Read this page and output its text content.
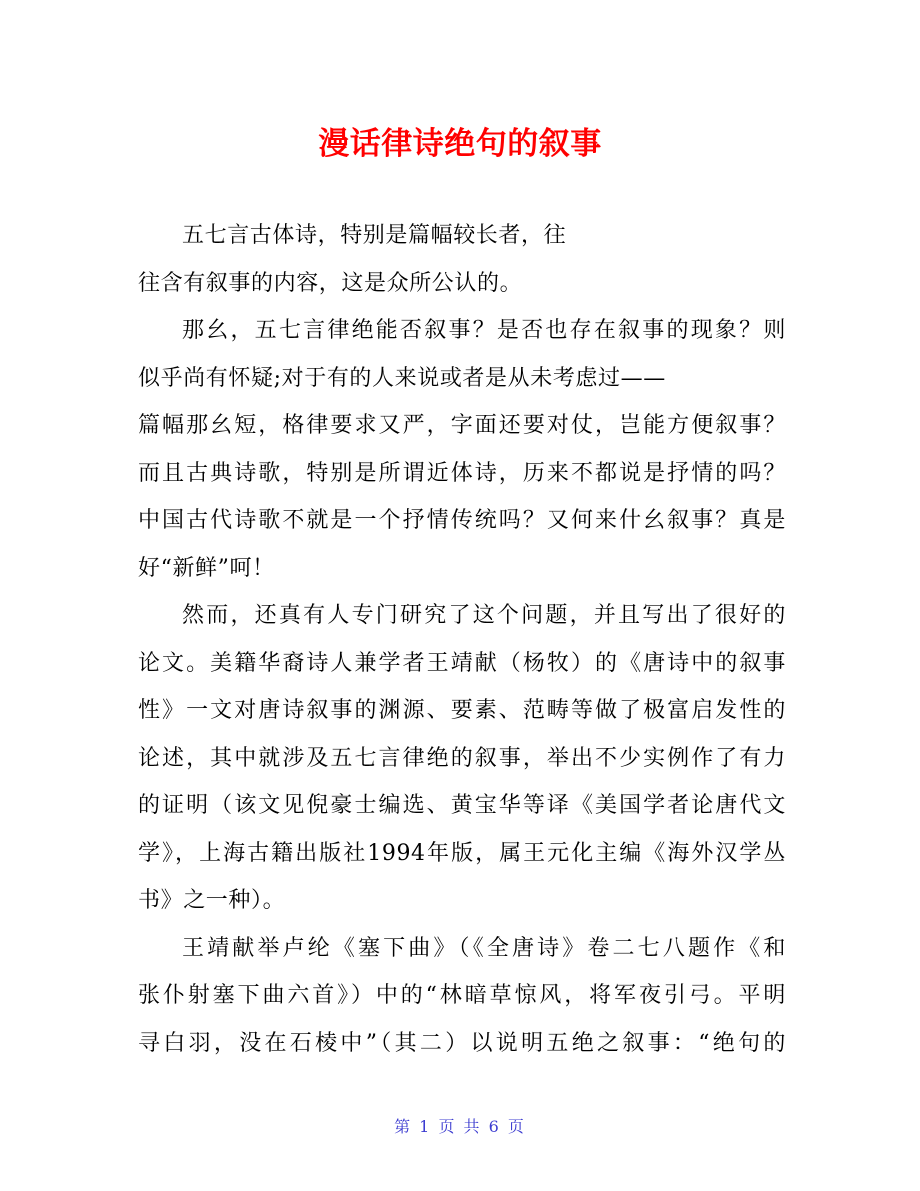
漫话律诗绝句的叙事
五七言古体诗，特别是篇幅较长者，往
往含有叙事的内容，这是众所公认的。
那幺，五七言律绝能否叙事？是否也存在叙事的现象？则
似乎尚有怀疑;对于有的人来说或者是从未考虑过——
篇幅那幺短，格律要求又严，字面还要对仗，岂能方便叙事？
而且古典诗歌，特别是所谓近体诗，历来不都说是抒情的吗？
中国古代诗歌不就是一个抒情传统吗？又何来什幺叙事？真是
好“新鲜”呵！
然而，还真有人专门研究了这个问题，并且写出了很好的
论文。美籍华裔诗人兼学者王靖献（杨牧）的《唐诗中的叙事
性》一文对唐诗叙事的渊源、要素、范畴等做了极富启发性的
论述，其中就涉及五七言律绝的叙事，举出不少实例作了有力
的证明（该文见倪豪士编选、黄宝华等译《美国学者论唐代文
学》，上海古籍出版社1994年版，属王元化主编《海外汉学丛
书》之一种）。
王靖献举卢纶《塞下曲》（《全唐诗》卷二七八题作《和
张仆射塞下曲六首》）中的“林暗草惊风，将军夜引弓。平明
寻白羽，没在石棱中”（其二）以说明五绝之叙事：“绝句的
第 1 页 共 6 页
